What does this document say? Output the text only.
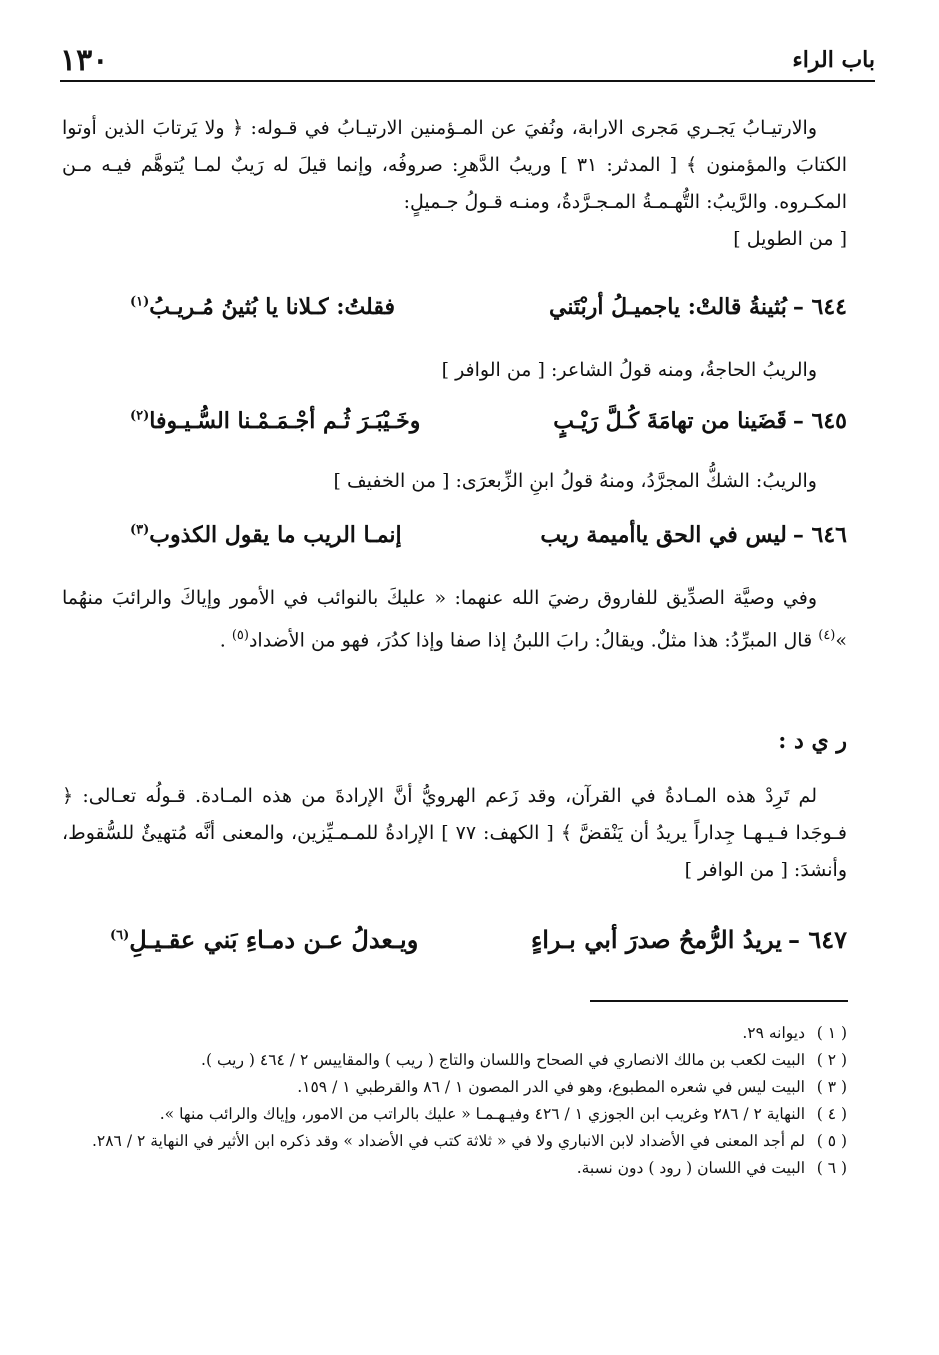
باب الراء
١٣٠

والارتيـابُ يَجـري مَجرى الارابة، ونُفيَ عن المـؤمنين الارتيـابُ في قـوله: ﴿ ولا يَرتابَ الذين أوتوا الكتابَ والمؤمنون ﴾ [ المدثر: ٣١ ] وريبُ الدَّهرِ: صروفُه، وإنما قيلَ له رَيبٌ لمـا يُتوهَّم فيـه مـن المكـروه. والرَّيبُ: التُّهـمـةُ المـجـرَّدةُ، ومنـه قـولُ جـميلٍ:

[ من الطويل ]

٦٤٤ –بُثينةُ قالتْ: ياجميـلُ أربْتَني
فقلتُ: كـلانا يا بُثينُ مُـريـبُ$^{(١)}$

والريبُ الحاجةُ، ومنه قولُ الشاعر: [ من الوافر ]

٦٤٥ –قَضَينا من تهامَةَ كُـلَّ رَيْـبٍ
وخَـيْبَـرَ ثُـم أجْـمَـمْـنا السُّـيـوفا$^{(٢)}$

والريبُ: الشكُّ المجرَّدُ، ومنهُ قولُ ابنِ الزِّبعرَى: [ من الخفيف ]

٦٤٦ –ليس في الحق ياأميمة ريب
إنمـا الريب ما يقول الكذوب$^{(٣)}$

وفي وصيَّة الصدِّيق للفاروق رضيَ الله عنهما: « عليكَ بالنوائب في الأمور وإياكَ والرائبَ منهُما »$^{(٤)}$ قال المبرِّدُ: هذا مثلٌ. ويقالُ: رابَ اللبنُ إذا صفا وإذا كدُرَ، فهو من الأضداد$^{(٥)}$ .

ر ي د :

لم تَرِدْ هذه المـادةُ في القرآن، وقد زَعم الهرويُّ أنَّ الإرادةَ من هذه المـادة. قـولُه تعـالى: ﴿ فـوجَدا فـيـهـا جِداراً يريدُ أن يَنْقضَّ ﴾ [ الكهف: ٧٧ ] الإرادةُ للمـمـيِّزين، والمعنى أنَّه مُتهيئٌ للسُّقوط، وأنشدَ: [ من الوافر ]

٦٤٧ –يريدُ الرُّمحُ صدرَ أبي بـراءٍ
ويـعدلُ عـن دمـاءِ بَني عقـيـلِ$^{(٦)}$

( ١ )
ديوانه ٢٩.

( ٢ )
البيت لكعب بن مالك الانصاري في الصحاح واللسان والتاج ( ريب ) والمقاييس ٢ / ٤٦٤ ( ريب ).

( ٣ )
البيت ليس في شعره المطبوع، وهو في الدر المصون ١ / ٨٦ والقرطبي ١ / ١٥٩.

( ٤ )
النهاية ٢ / ٢٨٦ وغريب ابن الجوزي ١ / ٤٢٦ وفيـهـمـا « عليك بالراتب من الامور، وإياك والرائب منها ».

( ٥ )
لم أجد المعنى في الأضداد لابن الانباري ولا في « ثلاثة كتب في الأضداد » وقد ذكره ابن الأثير في النهاية ٢ / ٢٨٦.

( ٦ )
البيت في اللسان ( رود ) دون نسبة.
